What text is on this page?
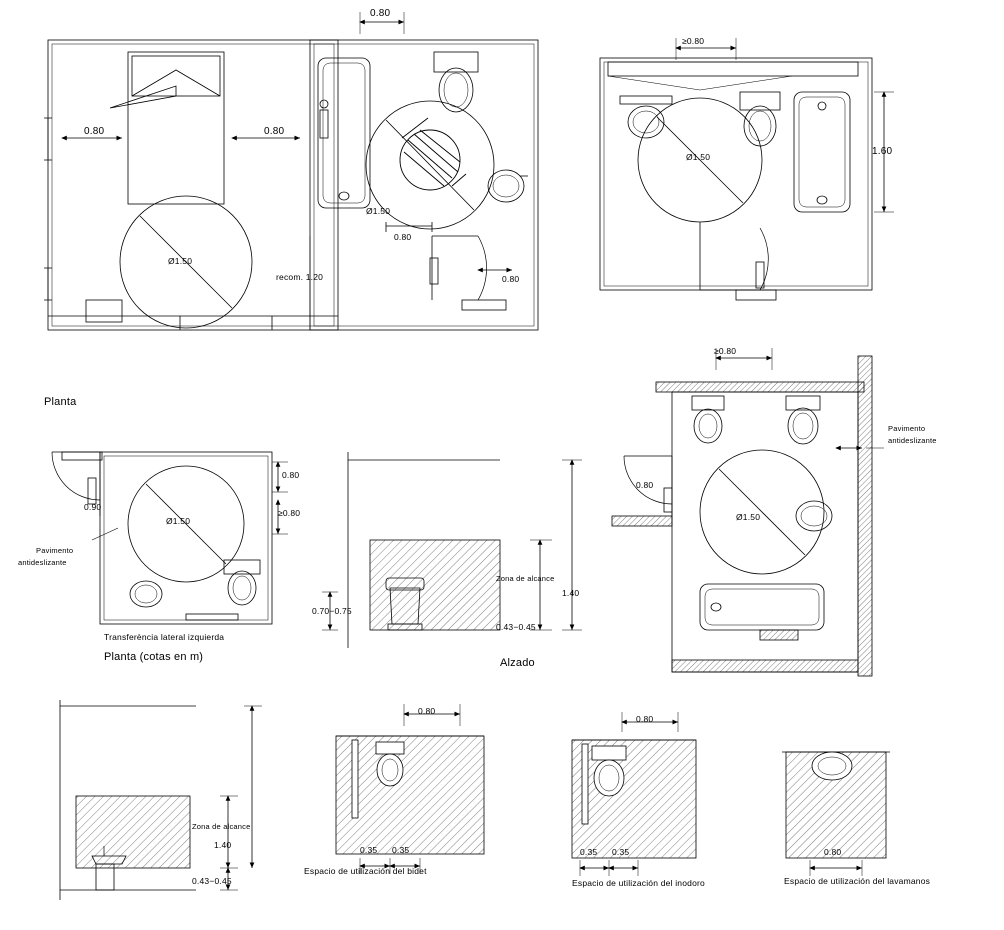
0.80
0.80	0.80
Ø1.50
Ø1.50
0.80
0.80
recom. 1.20
Planta
≥0.80
Ø1.50	1.60
Pavimento
antideslizante
0.90
Ø1.50
0.80
≥0.80
Transferència lateral izquierda
Planta (cotas en m)
Zona de alcance
1.40
0.43−0.45
0.70−0.75
Alzado
≥0.80
0.80
Ø1.50
Pavimento
antideslizante
Zona de alcance
1.40
0.43−0.45
0.80
0.35 0.35
Espacio de utilización del bidet
0.80
0.35 0.35
Espacio de utilización del inodoro
0.80
Espacio de utilización del lavamanos
